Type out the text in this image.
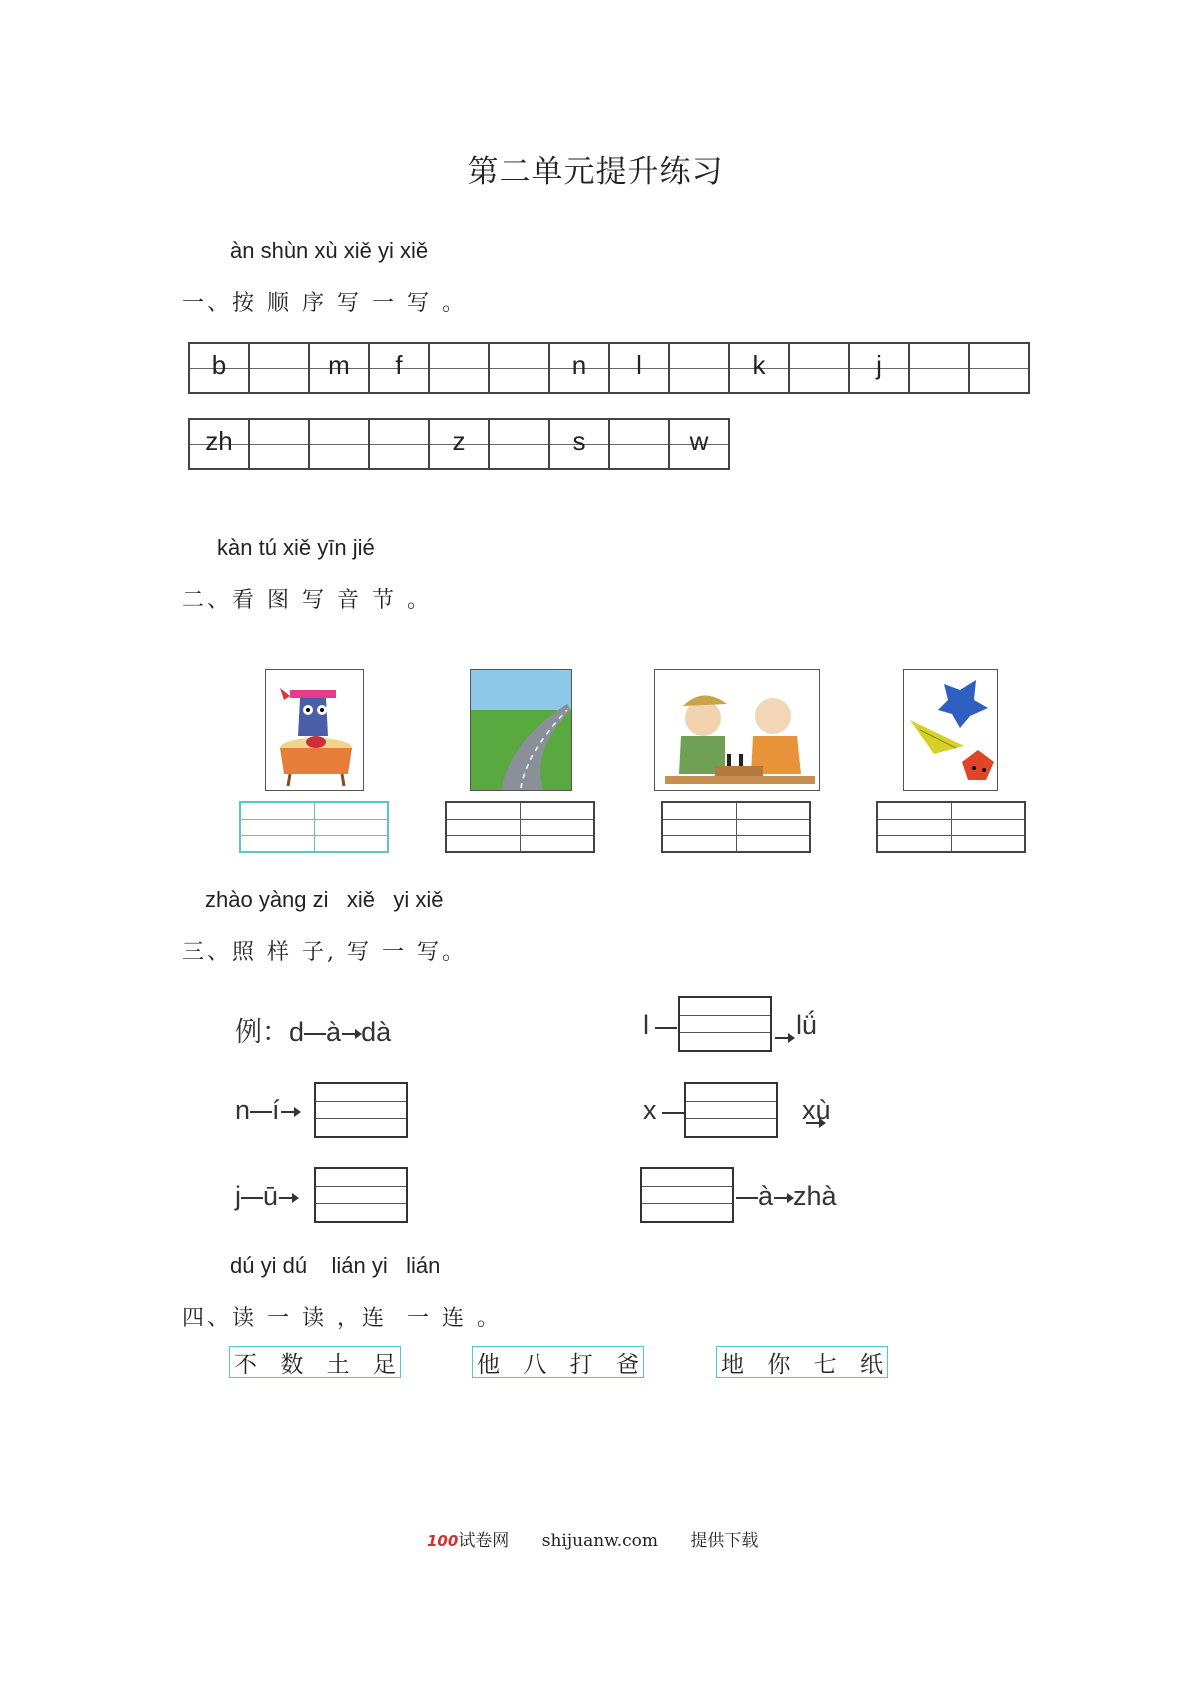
第二单元提升练习
àn shùn xù xiě yi xiě
一、按 顺 序 写 一 写 。
b		m	f			n	l		k		j

zh				z		s		w
kàn tú xiě yīn jié
二、看 图 写 音 节 。
zhào yàng zi   xiě   yi xiě
三、照 样 子, 写 一 写。
例：d à dà	l
	lǘ
n í	x	xù
j ū	à zhà
dú yi dú    lián yi   lián
四、读 一 读 ，连  一 连 。
不 数 土 足	他 八 打 爸	地 你 七 纸
100试卷网 shijuanw.com 提供下载
